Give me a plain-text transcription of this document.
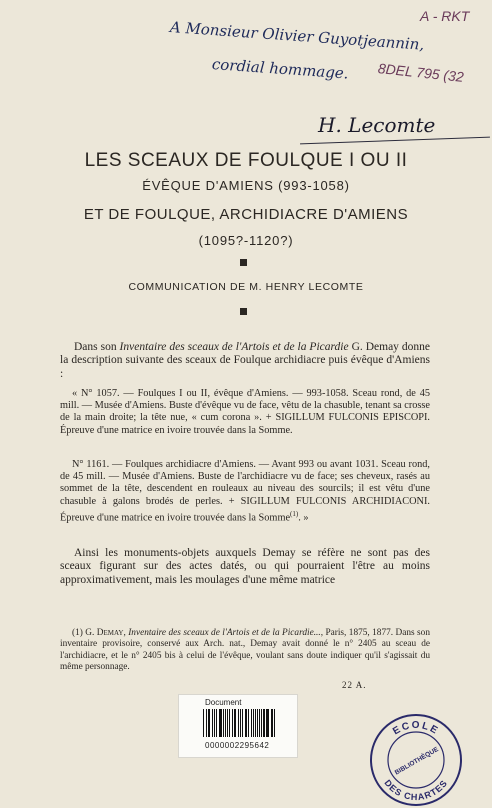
A Monsieur Olivier Guyotjeannin,
cordial hommage.
A - RKT
8DEL 795 (32
H. Lecomte
LES SCEAUX DE FOULQUE I OU II
ÉVÊQUE D'AMIENS (993-1058)
ET DE FOULQUE, ARCHIDIACRE D'AMIENS
(1095?-1120?)
COMMUNICATION DE M. HENRY LECOMTE
Dans son Inventaire des sceaux de l'Artois et de la Picardie G. Demay donne la description suivante des sceaux de Foulque archidiacre puis évêque d'Amiens :
« N° 1057. — Foulques I ou II, évêque d'Amiens. — 993-1058. Sceau rond, de 45 mill. — Musée d'Amiens. Buste d'évêque vu de face, vêtu de la chasuble, tenant sa crosse de la main droite; la tête nue, « cum corona ». + SIGILLUM FULCONIS EPISCOPI. Épreuve d'une matrice en ivoire trouvée dans la Somme.
N° 1161. — Foulques archidiacre d'Amiens. — Avant 993 ou avant 1031. Sceau rond, de 45 mill. — Musée d'Amiens. Buste de l'archidiacre vu de face; ses cheveux, rasés au sommet de la tête, descendent en rouleaux au niveau des sourcils; il est vêtu d'une chasuble à galons brodés de perles. + SIGILLUM FULCONIS ARCHIDIACONI. Épreuve d'une matrice en ivoire trouvée dans la Somme$^{(1)}$. »
Ainsi les monuments-objets auxquels Demay se réfère ne sont pas des sceaux figurant sur des actes datés, ou qui pourraient l'être au moins approximativement, mais les moulages d'une même matrice
(1) G. Demay, Inventaire des sceaux de l'Artois et de la Picardie..., Paris, 1875, 1877. Dans son inventaire provisoire, conservé aux Arch. nat., Demay avait donné le n° 2405 au sceau de l'archidiacre, et le n° 2405 bis à celui de l'évêque, voulant sans doute indiquer qu'il s'agissait du même personnage.
22 A.
Document
0000002295642
ECOLE
DES CHARTES
BIBLIOTHÈQUE
